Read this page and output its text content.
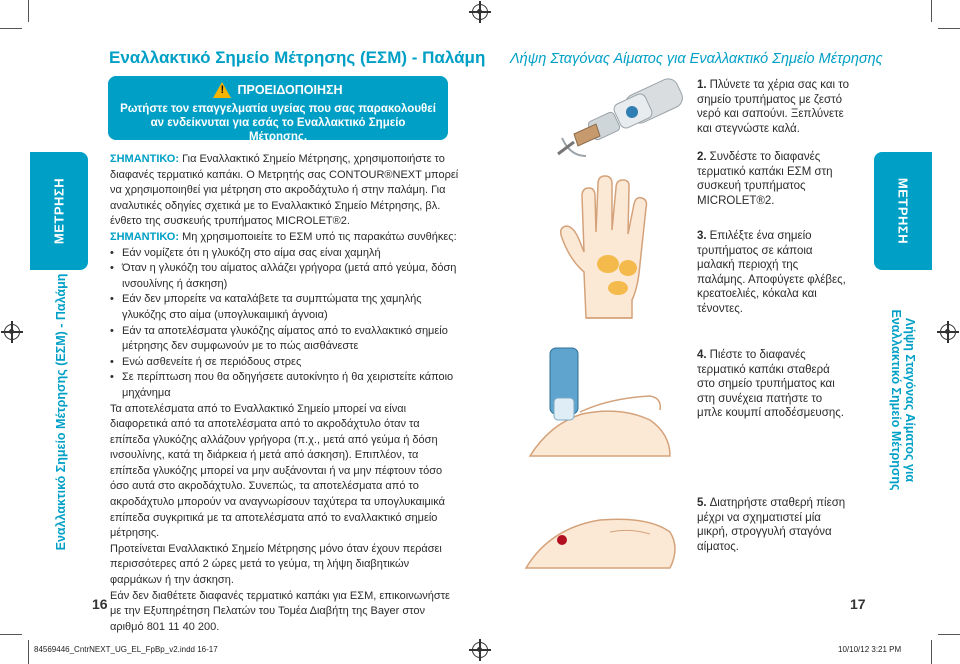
ΜΕΤΡΗΣΗ
Εναλλακτικό Σημείο Μέτρησης (ΕΣΜ) - Παλάμη
16
Εναλλακτικό Σημείο Μέτρησης (ΕΣΜ) - Παλάμη
!
ΠΡΟΕΙΔΟΠΟΙΗΣΗ
Ρωτήστε τον επαγγελματία υγείας που σας παρακολουθεί αν ενδείκνυται για εσάς το Εναλλακτικό Σημείο Μέτρησης.

ΣΗΜΑΝΤΙΚΟ: Για Εναλλακτικό Σημείο Μέτρησης, χρησιμοποιήστε το διαφανές τερματικό καπάκι. Ο Μετρητής σας CONTOUR®NEXT μπορεί να χρησιμοποιηθεί για μέτρηση στο ακροδάχτυλο ή στην παλάμη. Για αναλυτικές οδηγίες σχετικά με το Εναλλακτικό Σημείο Μέτρησης, βλ. ένθετο της συσκευής τρυπήματος MICROLET®2.

ΣΗΜΑΝΤΙΚΟ: Μη χρησιμοποιείτε το ΕΣΜ υπό τις παρακάτω συνθήκες:

• Εάν νομίζετε ότι η γλυκόζη στο αίμα σας είναι χαμηλή
• Όταν η γλυκόζη του αίματος αλλάζει γρήγορα (μετά από γεύμα, δόση ινσουλίνης ή άσκηση)
• Εάν δεν μπορείτε να καταλάβετε τα συμπτώματα της χαμηλής γλυκόζης στο αίμα (υπογλυκαιμική άγνοια)
• Εάν τα αποτελέσματα γλυκόζης αίματος από το εναλλακτικό σημείο μέτρησης δεν συμφωνούν με το πώς αισθάνεστε
• Ενώ ασθενείτε ή σε περιόδους στρες
• Σε περίπτωση που θα οδηγήσετε αυτοκίνητο ή θα χειριστείτε κάποιο μηχάνημα

Τα αποτελέσματα από το Εναλλακτικό Σημείο μπορεί να είναι διαφορετικά από τα αποτελέσματα από το ακροδάχτυλο όταν τα επίπεδα γλυκόζης αλλάζουν γρήγορα (π.χ., μετά από γεύμα ή δόση ινσουλίνης, κατά τη διάρκεια ή μετά από άσκηση). Επιπλέον, τα επίπεδα γλυκόζης μπορεί να μην αυξάνονται ή να μην πέφτουν τόσο όσο αυτά στο ακροδάχτυλο. Συνεπώς, τα αποτελέσματα από το ακροδάχτυλο μπορούν να αναγνωρίσουν ταχύτερα τα υπογλυκαιμικά επίπεδα συγκριτικά με τα αποτελέσματα από το εναλλακτικό σημείο μέτρησης.

Προτείνεται Εναλλακτικό Σημείο Μέτρησης μόνο όταν έχουν περάσει περισσότερες από 2 ώρες μετά το γεύμα, τη λήψη διαβητικών φαρμάκων ή την άσκηση.

Εάν δεν διαθέτετε διαφανές τερματικό καπάκι για ΕΣΜ, επικοινωνήστε με την Εξυπηρέτηση Πελατών του Τομέα Διαβήτη της Bayer στον αριθμό 801 11 40 200.

Λήψη Σταγόνας Αίματος για Εναλλακτικό Σημείο Μέτρησης
1. Πλύνετε τα χέρια σας και το σημείο τρυπήματος με ζεστό νερό και σαπούνι. Ξεπλύνετε και στεγνώστε καλά.
2. Συνδέστε το διαφανές τερματικό καπάκι ΕΣΜ στη συσκευή τρυπήματος MICROLET®2.
3. Επιλέξτε ένα σημείο τρυπήματος σε κάποια μαλακή περιοχή της παλάμης. Αποφύγετε φλέβες, κρεατοελιές, κόκαλα και τένοντες.
4. Πιέστε το διαφανές τερματικό καπάκι σταθερά στο σημείο τρυπήματος και στη συνέχεια πατήστε το μπλε κουμπί αποδέσμευσης.
5. Διατηρήστε σταθερή πίεση μέχρι να σχηματιστεί μία μικρή, στρογγυλή σταγόνα αίματος.
ΜΕΤΡΗΣΗ
Λήψη Σταγόνας Αίματος για Εναλλακτικό Σημείο Μέτρησης
17
84569446_CntrNEXT_UG_EL_FpBp_v2.indd 16-17	10/10/12 3:21 PM
